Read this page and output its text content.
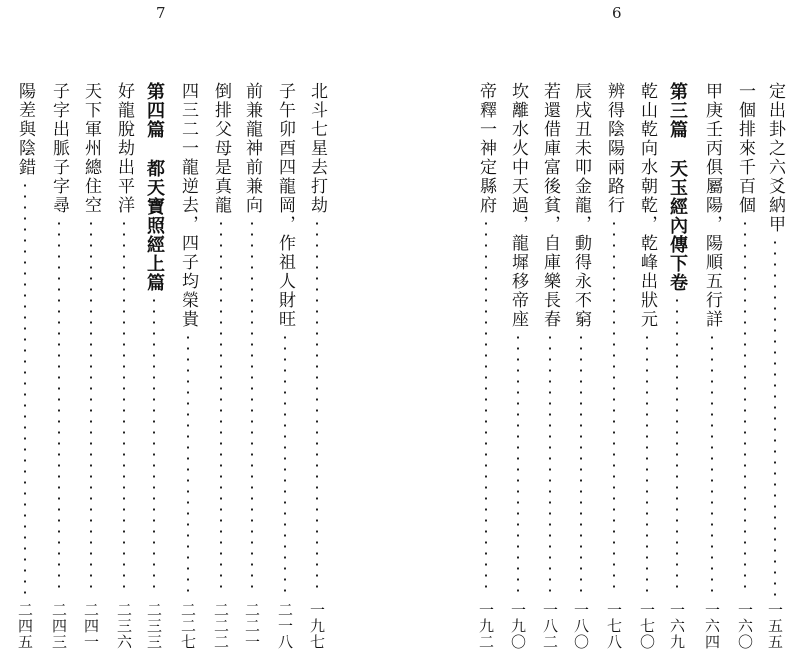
7	6
定出卦之六爻納甲
一五五
一個排來千百個
一六〇
甲庚壬丙俱屬陽，陽順五行詳
一六四
第三篇
天玉經內傳下卷
一六九
乾山乾向水朝乾，乾峰出狀元
一七〇
辨得陰陽兩路行
一七八
辰戌丑未叩金龍，動得永不窮
一八〇
若還借庫富後貧，自庫樂長春
一八二
坎離水火中天過，龍墀移帝座
一九〇
帝釋一神定縣府
一九二
北斗七星去打劫
一九七
子午卯酉四龍岡，作祖人財旺
二一八
前兼龍神前兼向
二二一
倒排父母是真龍
二二二
四三二一龍逆去，四子均榮貴
二二七
第四篇
都天寶照經上篇
二三三
好龍脫劫出平洋
二三六
天下軍州總住空
二四一
子字出脈子字尋
二四三
陽差與陰錯
二四五
